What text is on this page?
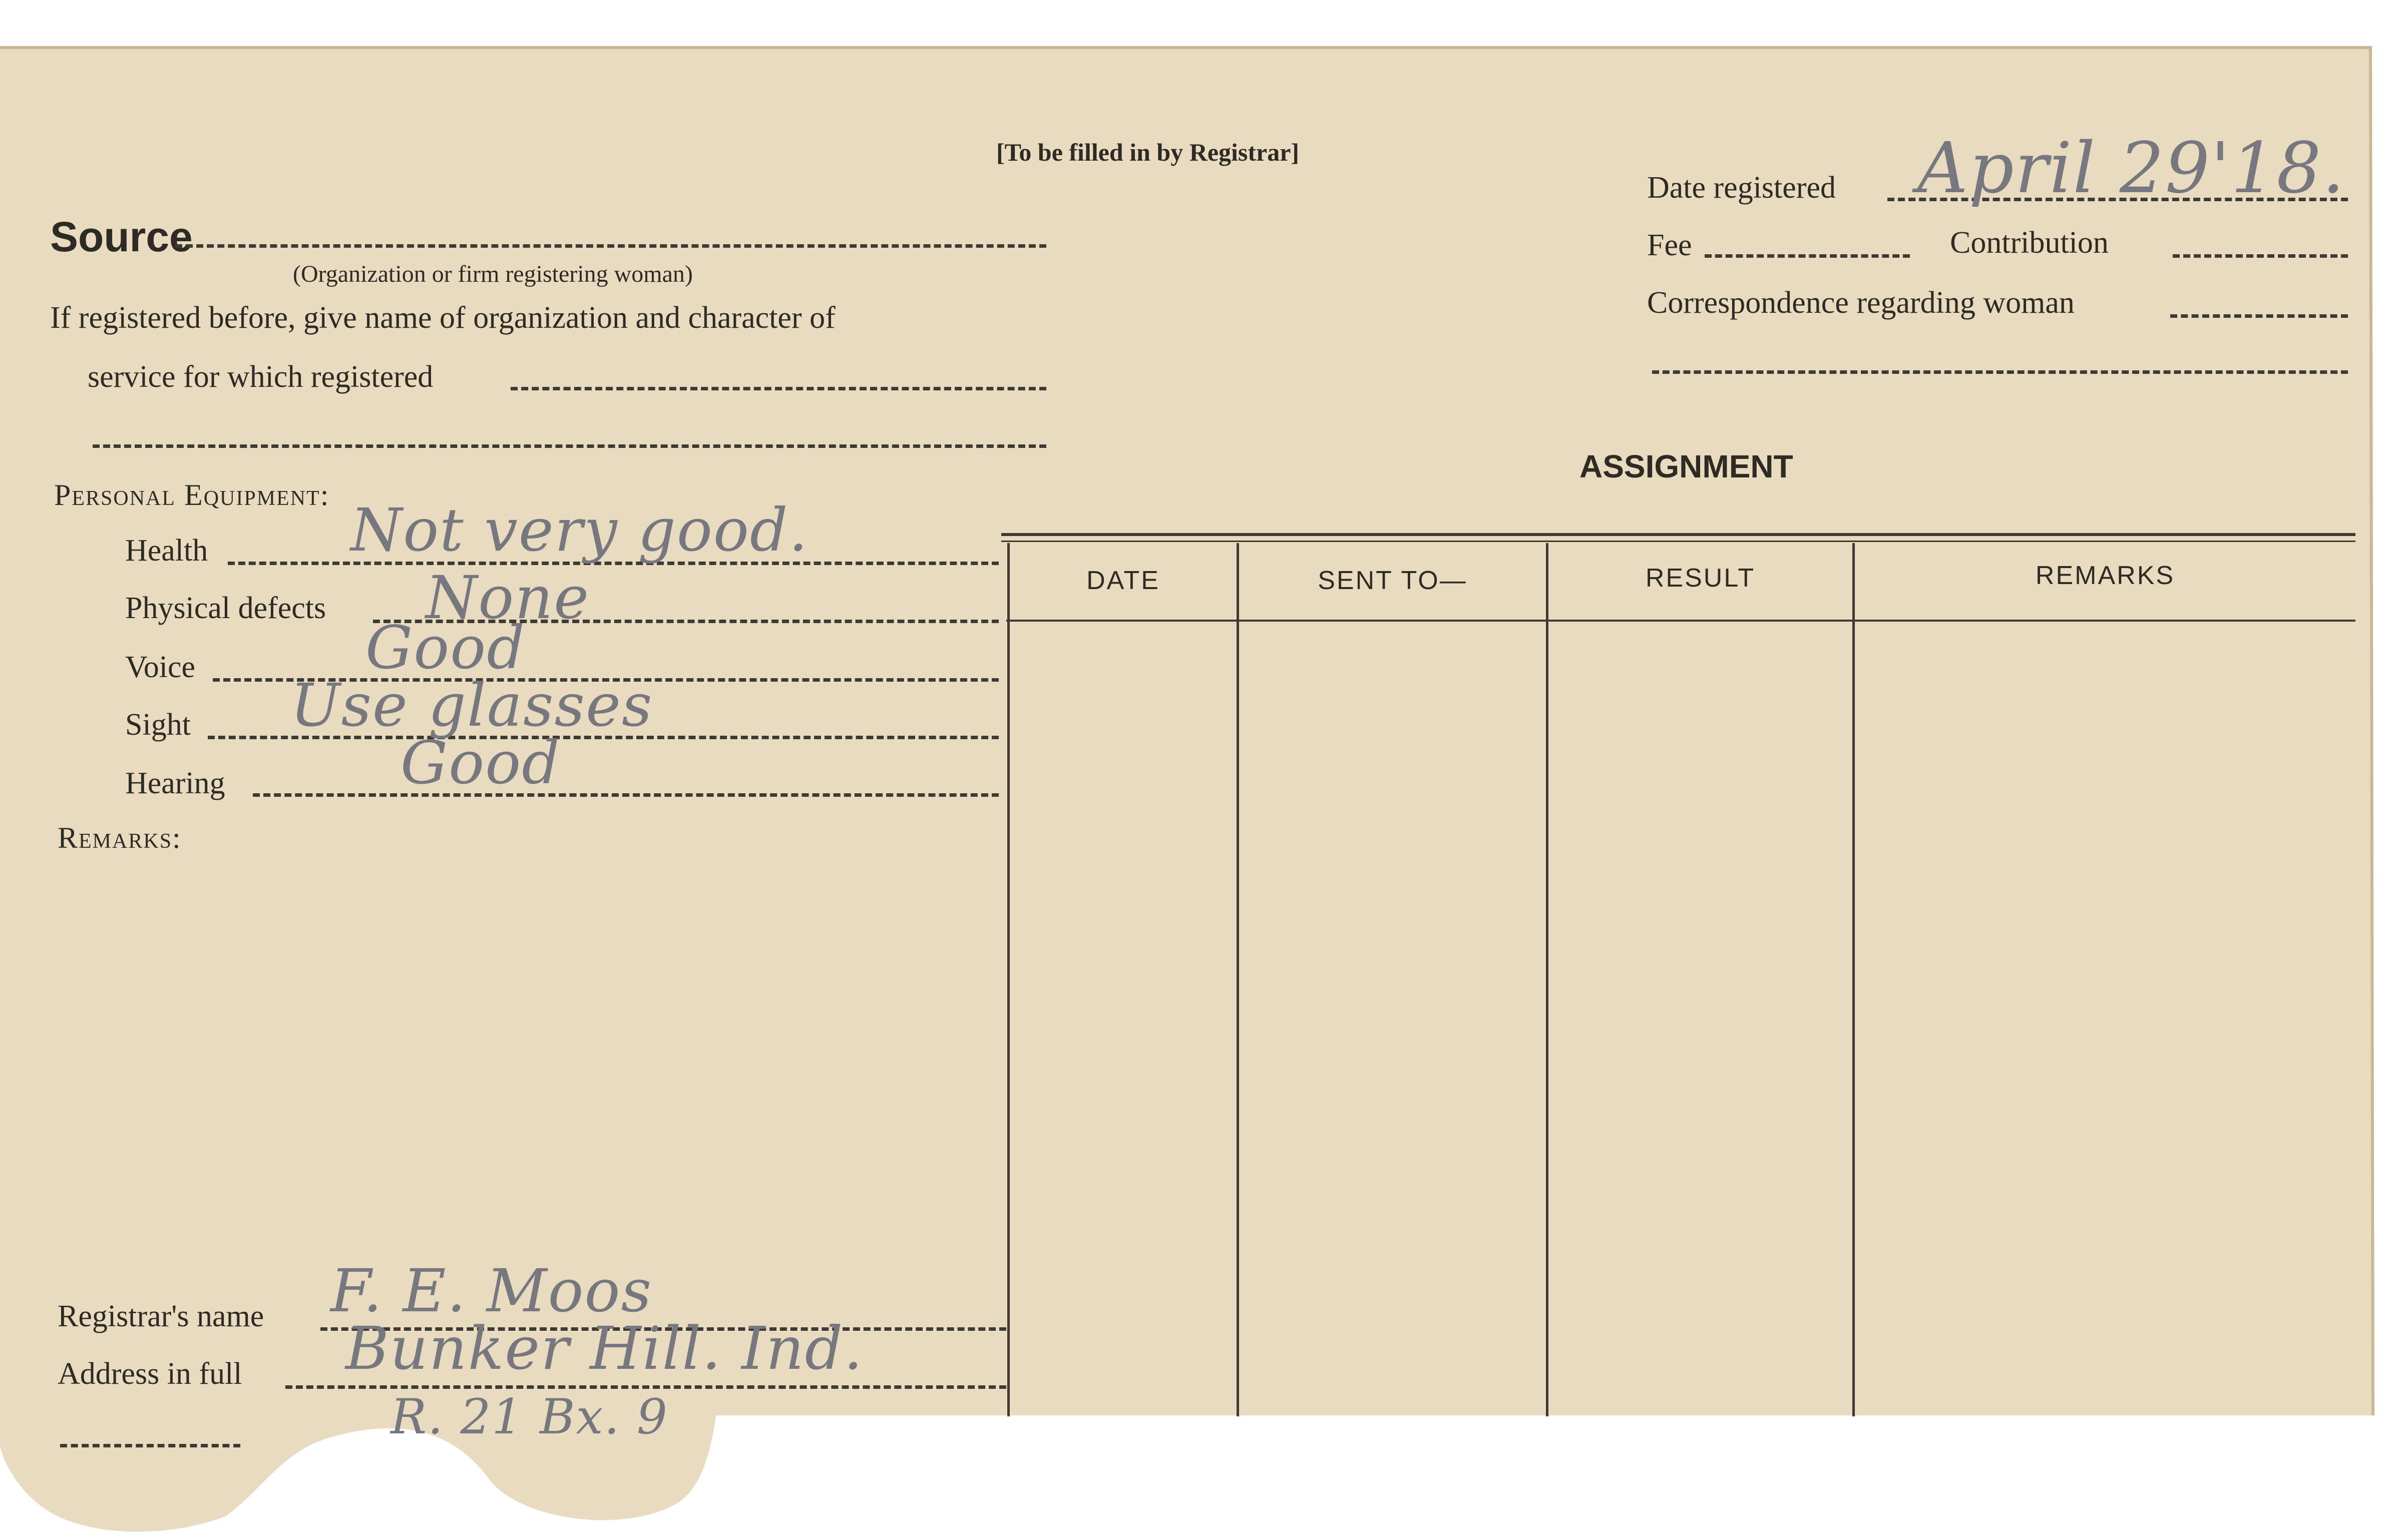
[To be filled in by Registrar]
Source
(Organization or firm registering woman)
If registered before, give name of organization and character of
service for which registered
Date registered April 29'18.
Fee	Contribution
Correspondence regarding woman
Personal Equipment:
Health Not very good.
Physical defects None
Voice	Good
Sight Use glasses
Hearing	Good
Remarks:
ASSIGNMENT
DATE	SENT TO—	RESULT	REMARKS
Registrar's name F. E. Moos
Address in full Bunker Hill. Ind.
R. 21 Bx. 9
